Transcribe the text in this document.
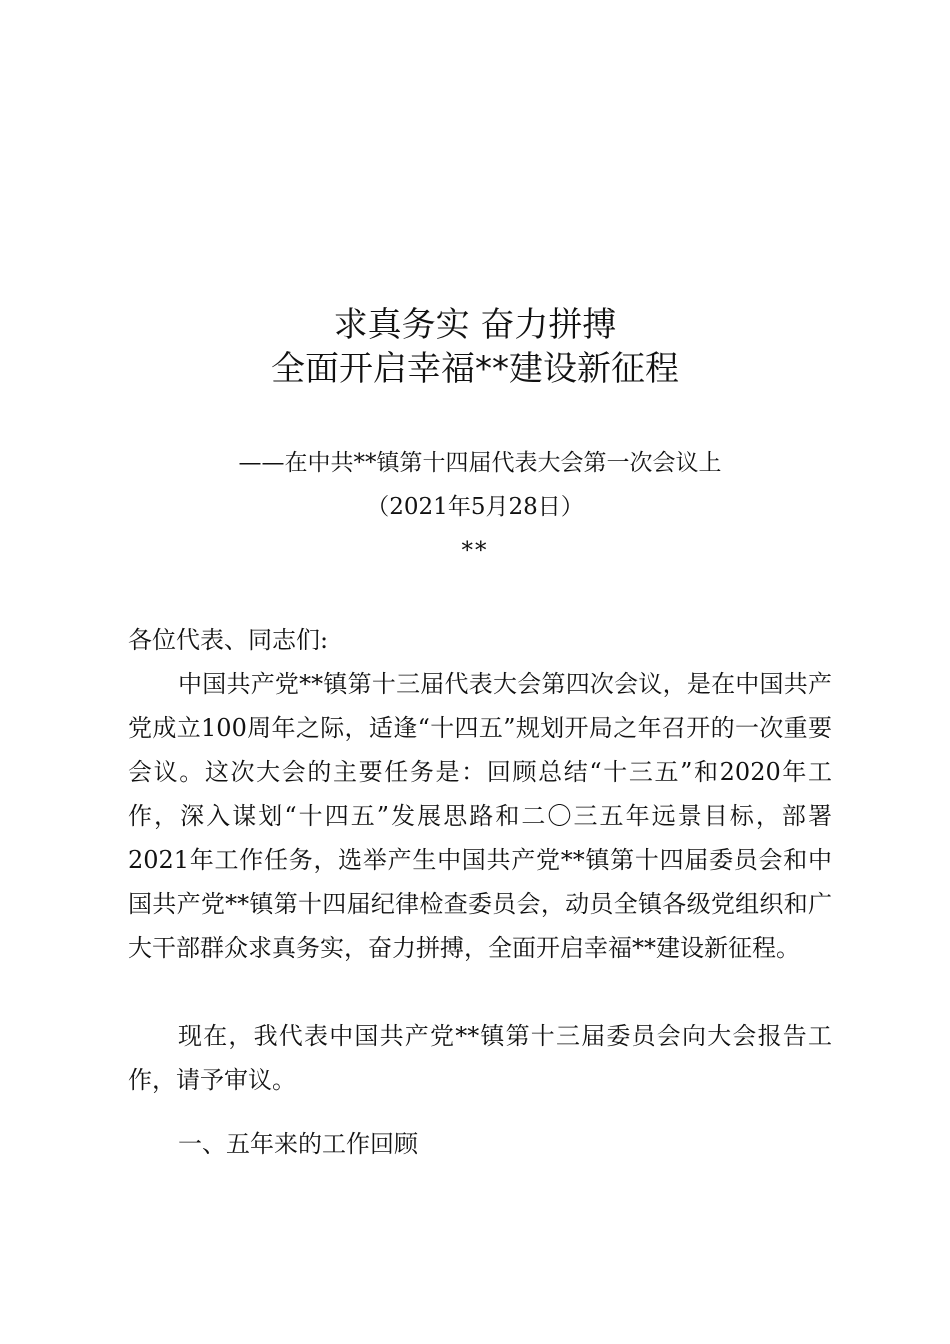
求真务实 奋力拼搏
全面开启幸福**建设新征程
——在中共**镇第十四届代表大会第一次会议上
（2021年5月28日）
**
各位代表、同志们:
中国共产党**镇第十三届代表大会第四次会议，是在中国共产党成立100周年之际，适逢“十四五”规划开局之年召开的一次重要会议。这次大会的主要任务是：回顾总结“十三五”和2020年工作，深入谋划“十四五”发展思路和二〇三五年远景目标，部署2021年工作任务，选举产生中国共产党**镇第十四届委员会和中国共产党**镇第十四届纪律检查委员会，动员全镇各级党组织和广大干部群众求真务实，奋力拼搏，全面开启幸福**建设新征程。
现在，我代表中国共产党**镇第十三届委员会向大会报告工作，请予审议。
一、五年来的工作回顾
